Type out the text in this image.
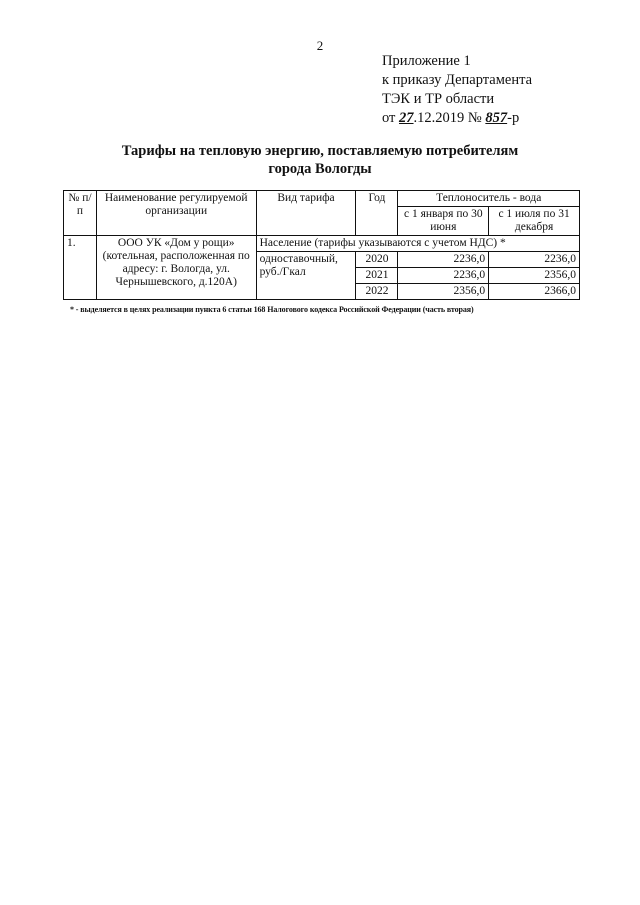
2
Приложение 1
к приказу Департамента
ТЭК и ТР области
от 27.12.2019 № 857-р
Тарифы на тепловую энергию, поставляемую потребителям
города Вологды
№ п/п	Наименование регулируемой организации	Вид тарифа	Год	Теплоноситель - вода	
				с 1 января по 30 июня	с 1 июля по 31 декабря
1.	ООО УК «Дом у рощи» (котельная, расположенная по адресу: г. Вологда, ул. Чернышевского, д.120А)	Население (тарифы указываются с учетом НДС) *			
		одноставочный, руб./Гкал	2020	2236,0	2236,0
			2021	2236,0	2356,0
			2022	2356,0	2366,0
* - выделяется в целях реализации пункта 6 статьи 168 Налогового кодекса Российской Федерации (часть вторая)
